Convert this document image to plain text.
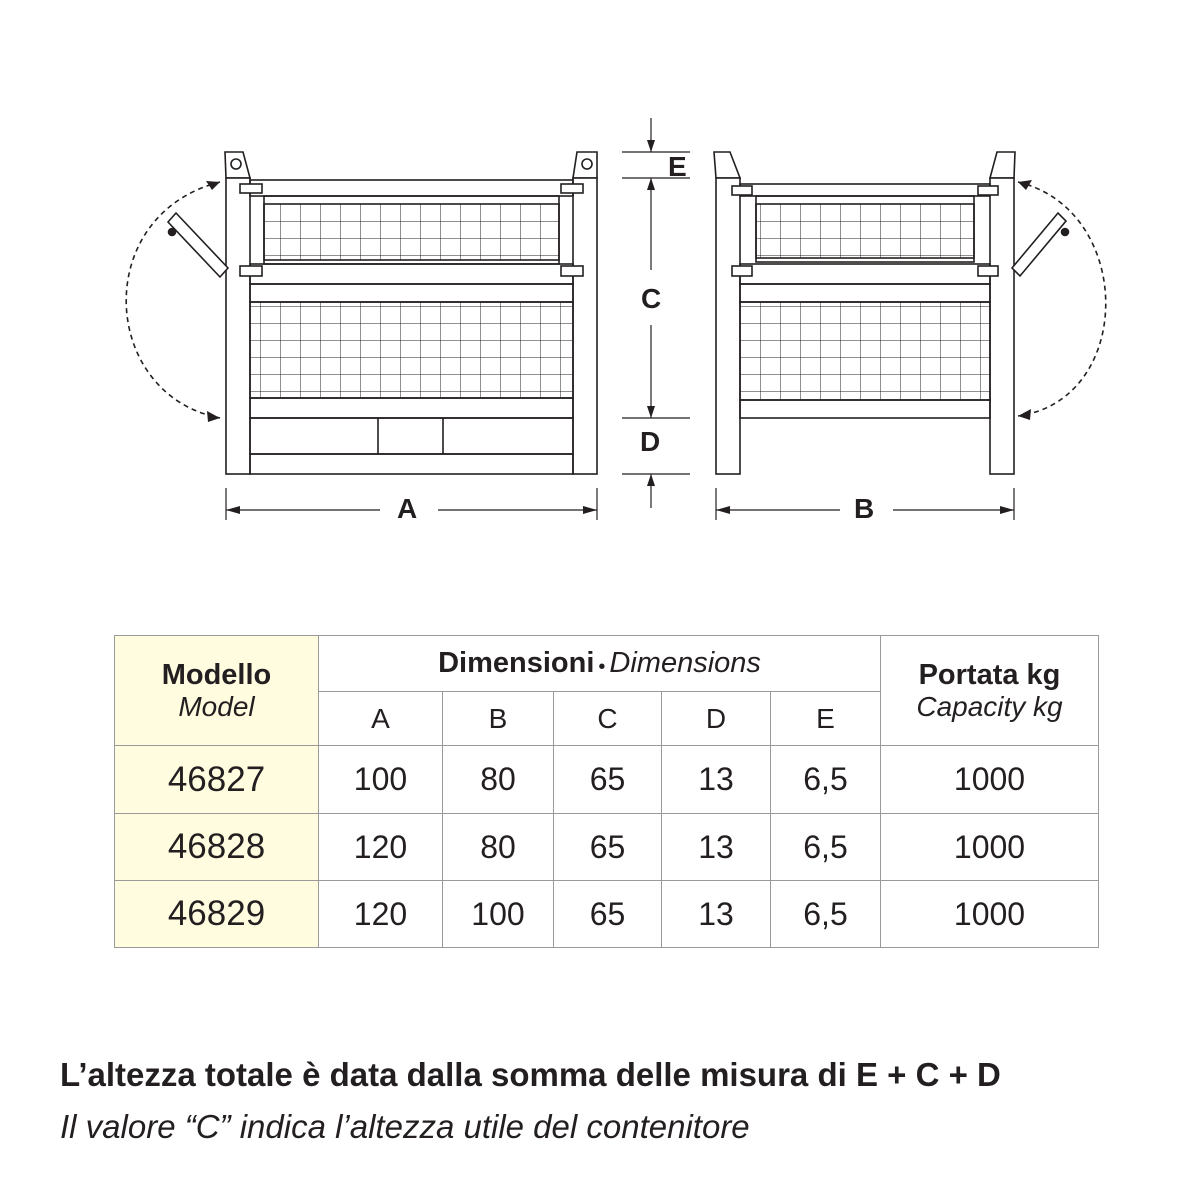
E
C
D
A	B
Modello
Model	Dimensioni • Dimensions					Portata kg
Capacity kg

	A	B	C	D	E	
46827	100	80	65	13	6,5	1000
46828	120	80	65	13	6,5	1000
46829	120	100	65	13	6,5	1000
L’altezza totale è data dalla somma delle misura di E + C + D
Il valore “C” indica l’altezza utile del contenitore
